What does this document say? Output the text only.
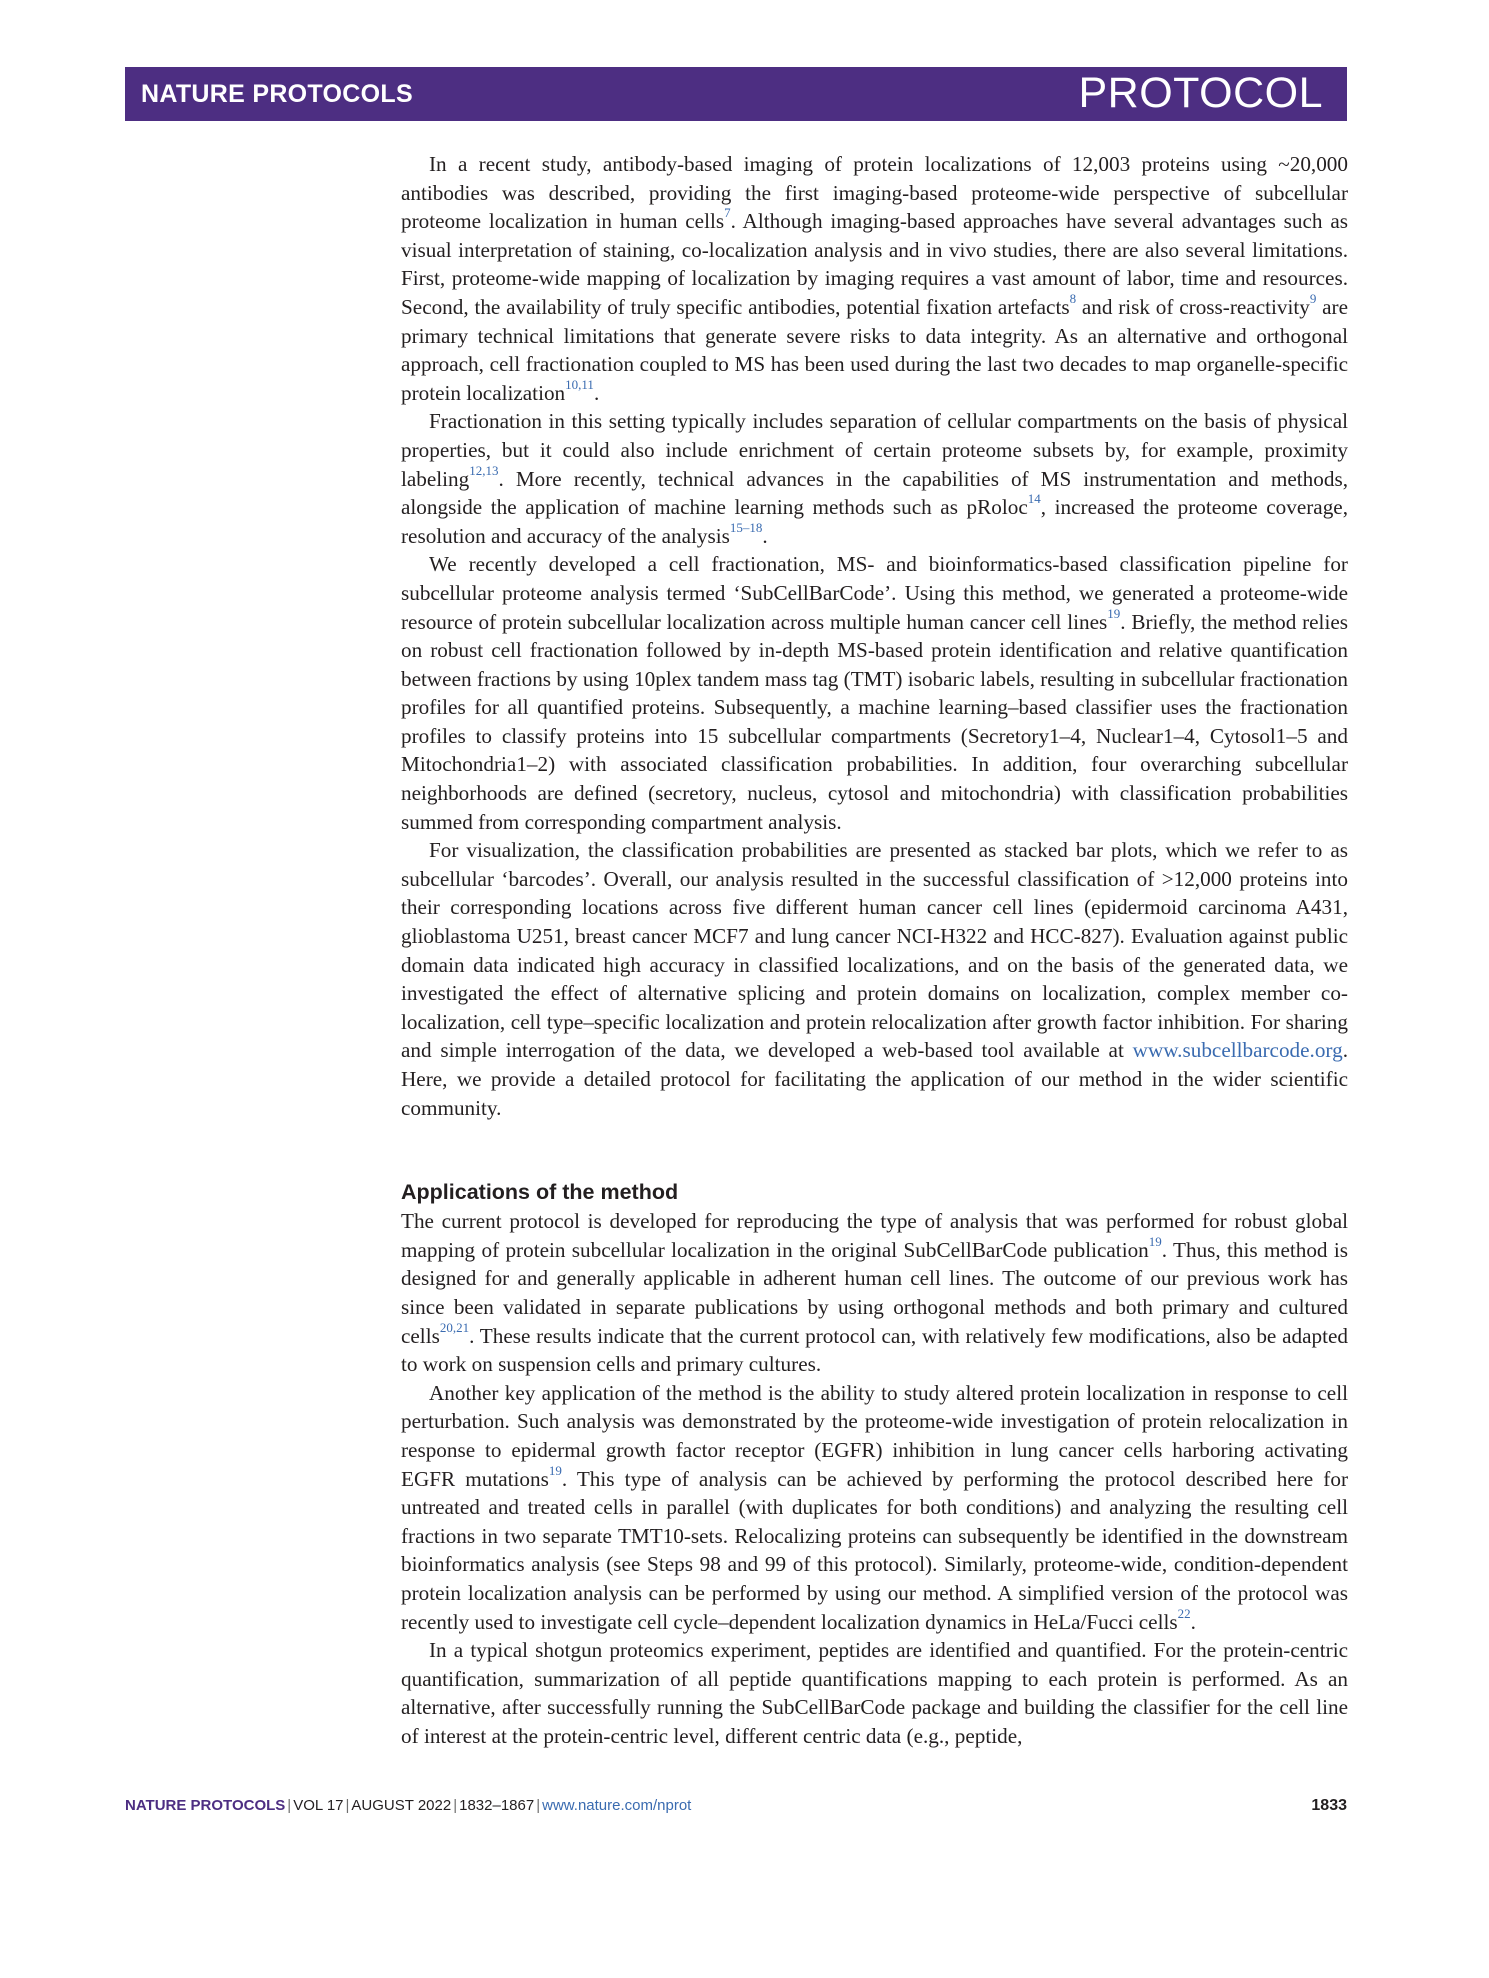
NATURE PROTOCOLS	PROTOCOL

In a recent study, antibody-based imaging of protein localizations of 12,003 proteins using ~20,000 antibodies was described, providing the first imaging-based proteome-wide perspective of subcellular proteome localization in human cells$^7$. Although imaging-based approaches have several advantages such as visual interpretation of staining, co-localization analysis and in vivo studies, there are also several limitations. First, proteome-wide mapping of localization by imaging requires a vast amount of labor, time and resources. Second, the availability of truly specific antibodies, potential fixation artefacts$^8$ and risk of cross-reactivity$^9$ are primary technical limitations that generate severe risks to data integrity. As an alternative and orthogonal approach, cell fractionation coupled to MS has been used during the last two decades to map organelle-specific protein localization$^{10,11}$.

Fractionation in this setting typically includes separation of cellular compartments on the basis of physical properties, but it could also include enrichment of certain proteome subsets by, for example, proximity labeling$^{12,13}$. More recently, technical advances in the capabilities of MS instrumentation and methods, alongside the application of machine learning methods such as pRoloc$^{14}$, increased the proteome coverage, resolution and accuracy of the analysis$^{15-18}$.

We recently developed a cell fractionation, MS- and bioinformatics-based classification pipeline for subcellular proteome analysis termed ‘SubCellBarCode’. Using this method, we generated a proteome-wide resource of protein subcellular localization across multiple human cancer cell lines$^{19}$. Briefly, the method relies on robust cell fractionation followed by in-depth MS-based protein identification and relative quantification between fractions by using 10plex tandem mass tag (TMT) isobaric labels, resulting in subcellular fractionation profiles for all quantified proteins. Subsequently, a machine learning–based classifier uses the fractionation profiles to classify proteins into 15 subcellular compartments (Secretory1–4, Nuclear1–4, Cytosol1–5 and Mitochondria1–2) with associated classification probabilities. In addition, four overarching subcellular neighborhoods are defined (secretory, nucleus, cytosol and mitochondria) with classification probabilities summed from corresponding compartment analysis.

For visualization, the classification probabilities are presented as stacked bar plots, which we refer to as subcellular ‘barcodes’. Overall, our analysis resulted in the successful classification of >12,000 proteins into their corresponding locations across five different human cancer cell lines (epidermoid carcinoma A431, glioblastoma U251, breast cancer MCF7 and lung cancer NCI-H322 and HCC-827). Evaluation against public domain data indicated high accuracy in classified localizations, and on the basis of the generated data, we investigated the effect of alternative splicing and protein domains on localization, complex member co-localization, cell type–specific localization and protein relocalization after growth factor inhibition. For sharing and simple interrogation of the data, we developed a web-based tool available at www.subcellbarcode.org. Here, we provide a detailed protocol for facilitating the application of our method in the wider scientific community.

Applications of the method

The current protocol is developed for reproducing the type of analysis that was performed for robust global mapping of protein subcellular localization in the original SubCellBarCode publication$^{19}$. Thus, this method is designed for and generally applicable in adherent human cell lines. The outcome of our previous work has since been validated in separate publications by using orthogonal methods and both primary and cultured cells$^{20,21}$. These results indicate that the current protocol can, with relatively few modifications, also be adapted to work on suspension cells and primary cultures.

Another key application of the method is the ability to study altered protein localization in response to cell perturbation. Such analysis was demonstrated by the proteome-wide investigation of protein relocalization in response to epidermal growth factor receptor (EGFR) inhibition in lung cancer cells harboring activating EGFR mutations$^{19}$. This type of analysis can be achieved by performing the protocol described here for untreated and treated cells in parallel (with duplicates for both conditions) and analyzing the resulting cell fractions in two separate TMT10-sets. Relocalizing proteins can subsequently be identified in the downstream bioinformatics analysis (see Steps 98 and 99 of this protocol). Similarly, proteome-wide, condition-dependent protein localization analysis can be performed by using our method. A simplified version of the protocol was recently used to investigate cell cycle–dependent localization dynamics in HeLa/Fucci cells$^{22}$.

In a typical shotgun proteomics experiment, peptides are identified and quantified. For the protein-centric quantification, summarization of all peptide quantifications mapping to each protein is performed. As an alternative, after successfully running the SubCellBarCode package and building the classifier for the cell line of interest at the protein-centric level, different centric data (e.g., peptide,

NATURE PROTOCOLS | VOL 17 | AUGUST 2022 | 1832–1867 | www.nature.com/nprot	1833
